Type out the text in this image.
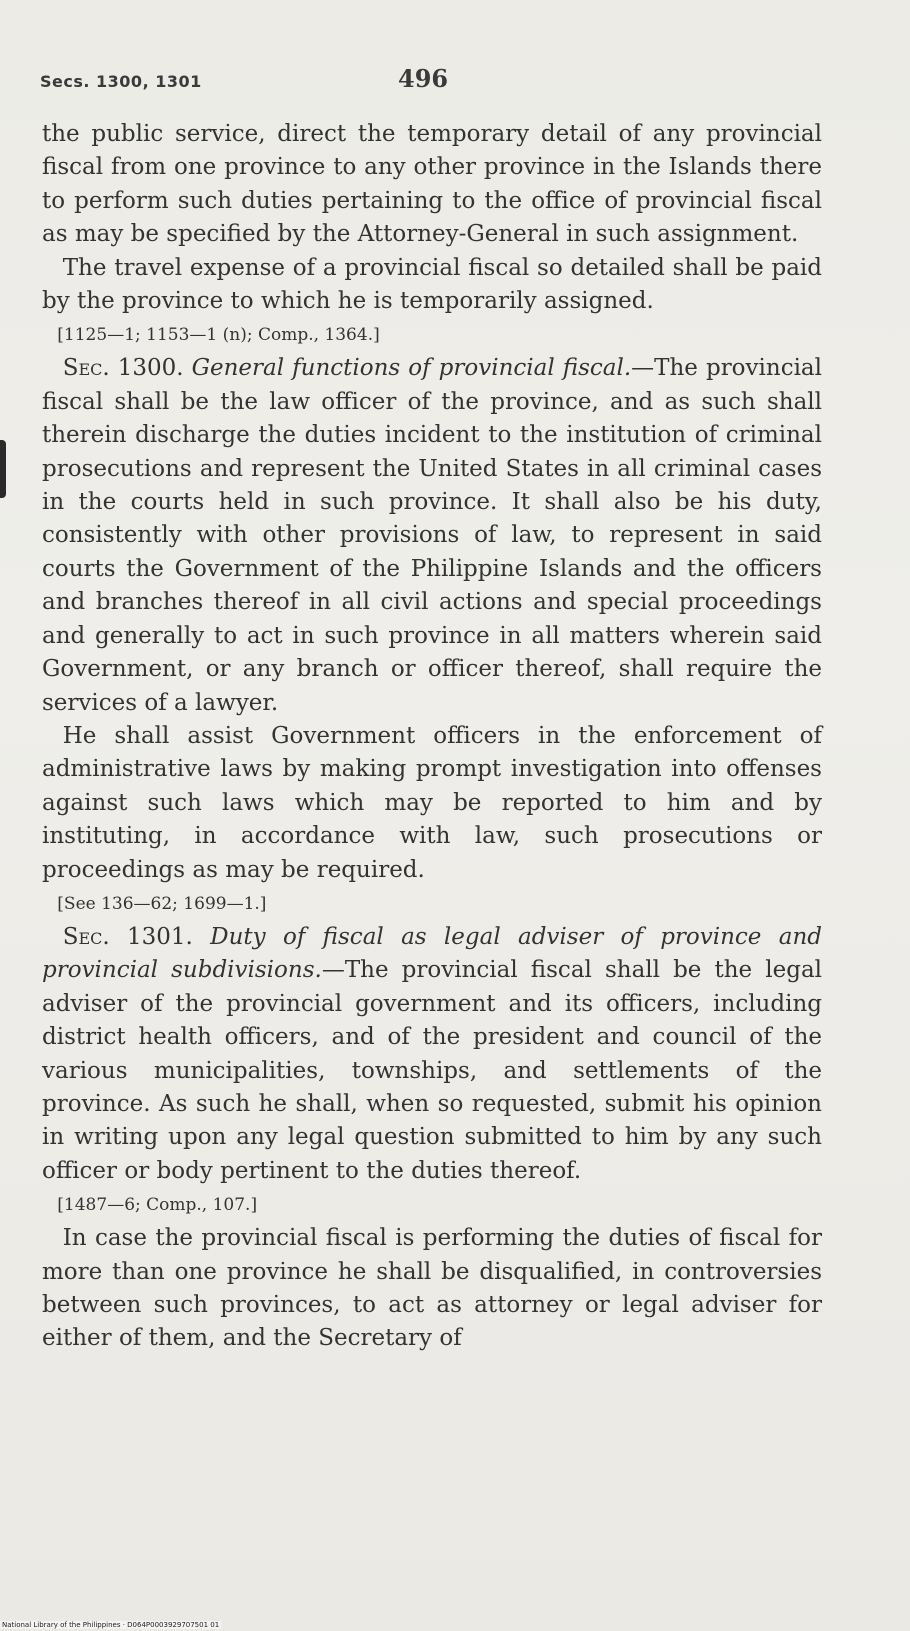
Secs. 1300, 1301	496

the public service, direct the temporary detail of any provincial fiscal from one province to any other province in the Islands there to perform such duties pertaining to the office of provincial fiscal as may be specified by the Attorney-General in such assignment.

The travel expense of a provincial fiscal so detailed shall be paid by the province to which he is temporarily assigned.

[1125—1; 1153—1 (n); Comp., 1364.]

Sec. 1300. General functions of provincial fiscal.—The provincial fiscal shall be the law officer of the province, and as such shall therein discharge the duties incident to the institution of criminal prosecutions and represent the United States in all criminal cases in the courts held in such province. It shall also be his duty, consistently with other provisions of law, to represent in said courts the Government of the Philippine Islands and the officers and branches thereof in all civil actions and special proceedings and generally to act in such province in all matters wherein said Government, or any branch or officer thereof, shall require the services of a lawyer.

He shall assist Government officers in the enforcement of administrative laws by making prompt investigation into offenses against such laws which may be reported to him and by instituting, in accordance with law, such prosecutions or proceedings as may be required.

[See 136—62; 1699—1.]

Sec. 1301. Duty of fiscal as legal adviser of province and provincial subdivisions.—The provincial fiscal shall be the legal adviser of the provincial government and its officers, including district health officers, and of the president and council of the various municipalities, townships, and settlements of the province. As such he shall, when so requested, submit his opinion in writing upon any legal question submitted to him by any such officer or body pertinent to the duties thereof.

[1487—6; Comp., 107.]

In case the provincial fiscal is performing the duties of fiscal for more than one province he shall be disqualified, in controversies between such provinces, to act as attorney or legal adviser for either of them, and the Secretary of

National Library of the Philippines · D064P0003929707501 01
